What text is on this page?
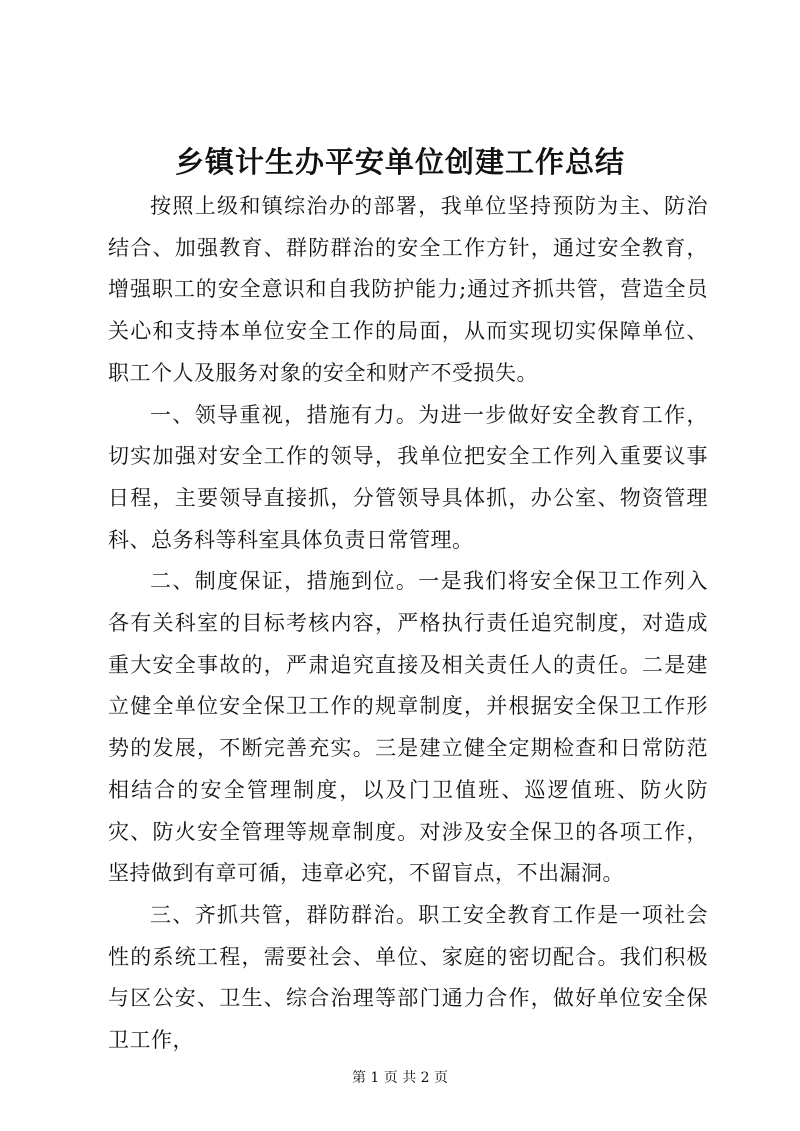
乡镇计生办平安单位创建工作总结

按照上级和镇综治办的部署，我单位坚持预防为主、防治结合、加强教育、群防群治的安全工作方针，通过安全教育，增强职工的安全意识和自我防护能力;通过齐抓共管，营造全员关心和支持本单位安全工作的局面，从而实现切实保障单位、职工个人及服务对象的安全和财产不受损失。

一、领导重视，措施有力。为进一步做好安全教育工作，切实加强对安全工作的领导，我单位把安全工作列入重要议事日程，主要领导直接抓，分管领导具体抓，办公室、物资管理科、总务科等科室具体负责日常管理。

二、制度保证，措施到位。一是我们将安全保卫工作列入各有关科室的目标考核内容，严格执行责任追究制度，对造成重大安全事故的，严肃追究直接及相关责任人的责任。二是建立健全单位安全保卫工作的规章制度，并根据安全保卫工作形势的发展，不断完善充实。三是建立健全定期检查和日常防范相结合的安全管理制度，以及门卫值班、巡逻值班、防火防灾、防火安全管理等规章制度。对涉及安全保卫的各项工作，坚持做到有章可循，违章必究，不留盲点，不出漏洞。

三、齐抓共管，群防群治。职工安全教育工作是一项社会性的系统工程，需要社会、单位、家庭的密切配合。我们积极与区公安、卫生、综合治理等部门通力合作，做好单位安全保卫工作，

第 1 页 共 2 页
